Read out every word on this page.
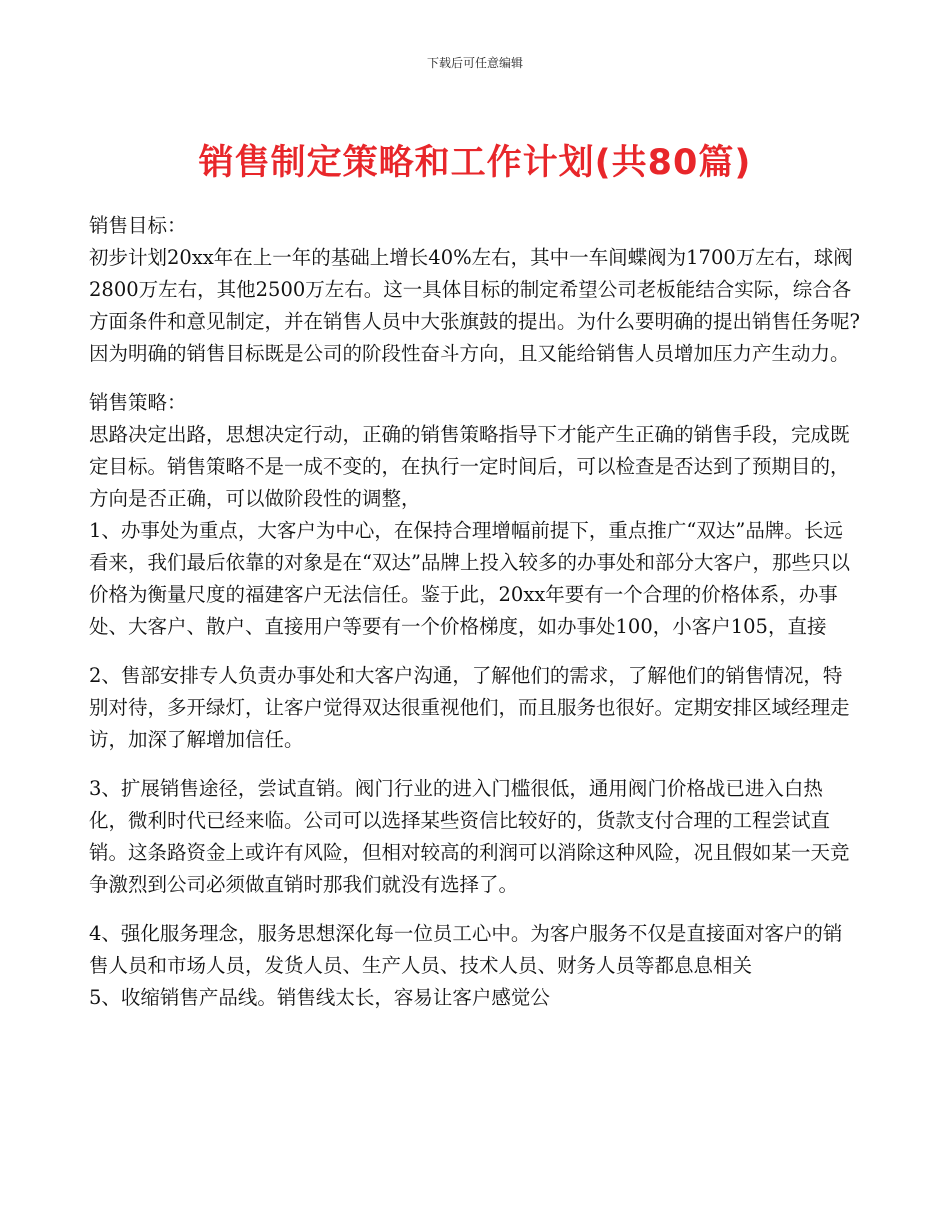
下载后可任意编辑
销售制定策略和工作计划(共80篇)

销售目标：

初步计划20xx年在上一年的基础上增长40%左右，其中一车间蝶阀为1700万左右，球阀2800万左右，其他2500万左右。这一具体目标的制定希望公司老板能结合实际，综合各方面条件和意见制定，并在销售人员中大张旗鼓的提出。为什么要明确的提出销售任务呢?因为明确的销售目标既是公司的阶段性奋斗方向，且又能给销售人员增加压力产生动力。

销售策略：

思路决定出路，思想决定行动，正确的销售策略指导下才能产生正确的销售手段，完成既定目标。销售策略不是一成不变的，在执行一定时间后，可以检查是否达到了预期目的，方向是否正确，可以做阶段性的调整，

1、办事处为重点，大客户为中心，在保持合理增幅前提下，重点推广“双达”品牌。长远看来，我们最后依靠的对象是在“双达”品牌上投入较多的办事处和部分大客户，那些只以价格为衡量尺度的福建客户无法信任。鉴于此，20xx年要有一个合理的价格体系，办事处、大客户、散户、直接用户等要有一个价格梯度，如办事处100，小客户105，直接

2、售部安排专人负责办事处和大客户沟通，了解他们的需求，了解他们的销售情况，特别对待，多开绿灯，让客户觉得双达很重视他们，而且服务也很好。定期安排区域经理走访，加深了解增加信任。

3、扩展销售途径，尝试直销。阀门行业的进入门槛很低，通用阀门价格战已进入白热化，微利时代已经来临。公司可以选择某些资信比较好的，货款支付合理的工程尝试直销。这条路资金上或许有风险，但相对较高的利润可以消除这种风险，况且假如某一天竞争激烈到公司必须做直销时那我们就没有选择了。

4、强化服务理念，服务思想深化每一位员工心中。为客户服务不仅是直接面对客户的销售人员和市场人员，发货人员、生产人员、技术人员、财务人员等都息息相关

5、收缩销售产品线。销售线太长，容易让客户感觉公
